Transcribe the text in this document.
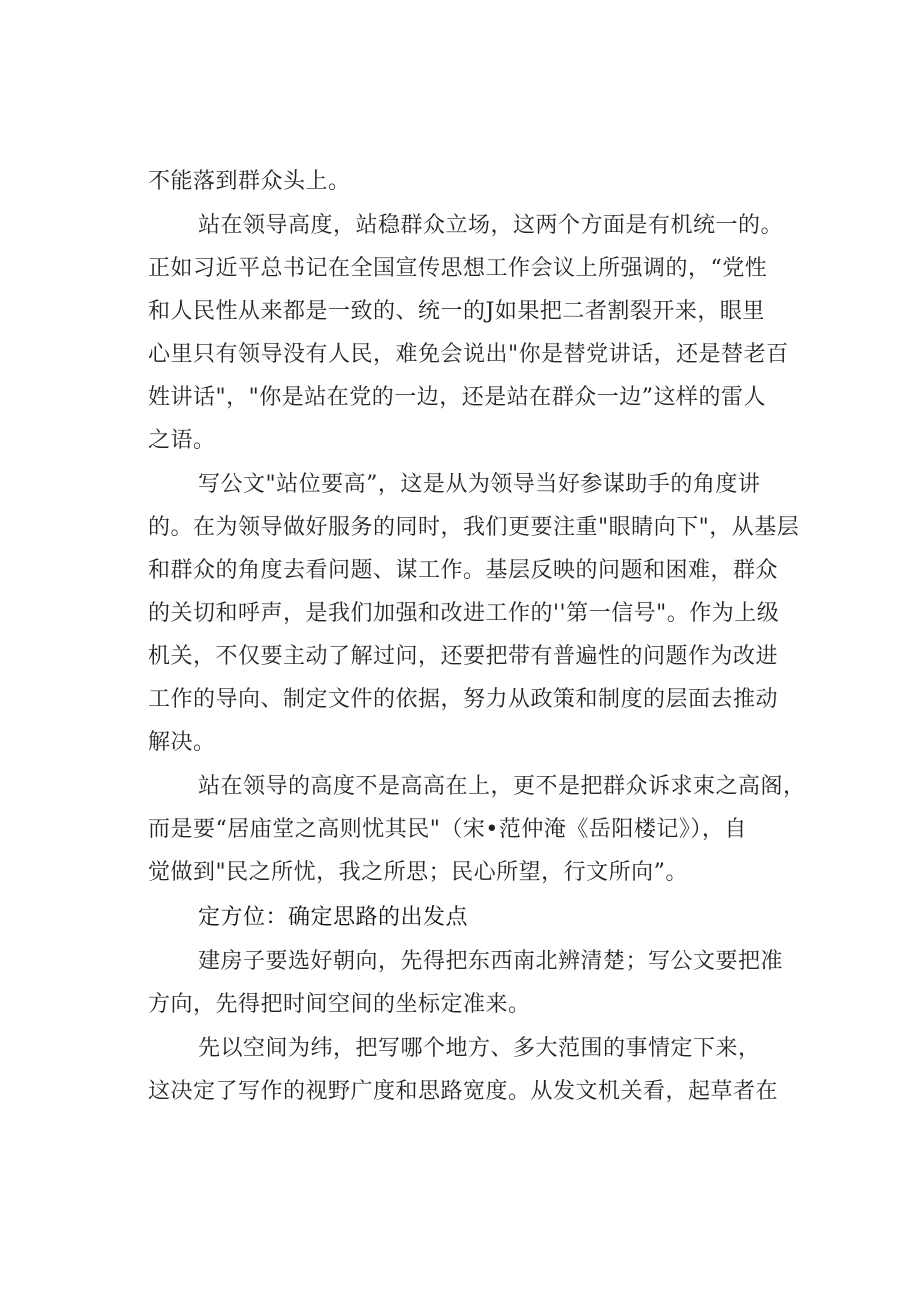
不能落到群众头上。
站在领导高度，站稳群众立场，这两个方面是有机统一的。
正如习近平总书记在全国宣传思想工作会议上所强调的，“党性
和人民性从来都是一致的、统一的J如果把二者割裂开来，眼里
心里只有领导没有人民，难免会说出"你是替党讲话，还是替老百
姓讲话"，"你是站在党的一边，还是站在群众一边”这样的雷人
之语。
写公文"站位要高”，这是从为领导当好参谋助手的角度讲
的。在为领导做好服务的同时，我们更要注重"眼睛向下"，从基层
和群众的角度去看问题、谋工作。基层反映的问题和困难，群众
的关切和呼声，是我们加强和改进工作的''第一信号"。作为上级
机关，不仅要主动了解过问，还要把带有普遍性的问题作为改进
工作的导向、制定文件的依据，努力从政策和制度的层面去推动
解决。
站在领导的高度不是高高在上，更不是把群众诉求束之高阁，
而是要“居庙堂之高则忧其民"（宋•范仲淹《岳阳楼记》），自
觉做到"民之所忧，我之所思；民心所望，行文所向”。
定方位：确定思路的出发点
建房子要选好朝向，先得把东西南北辨清楚；写公文要把准
方向，先得把时间空间的坐标定准来。
先以空间为纬，把写哪个地方、多大范围的事情定下来，
这决定了写作的视野广度和思路宽度。从发文机关看，起草者在
